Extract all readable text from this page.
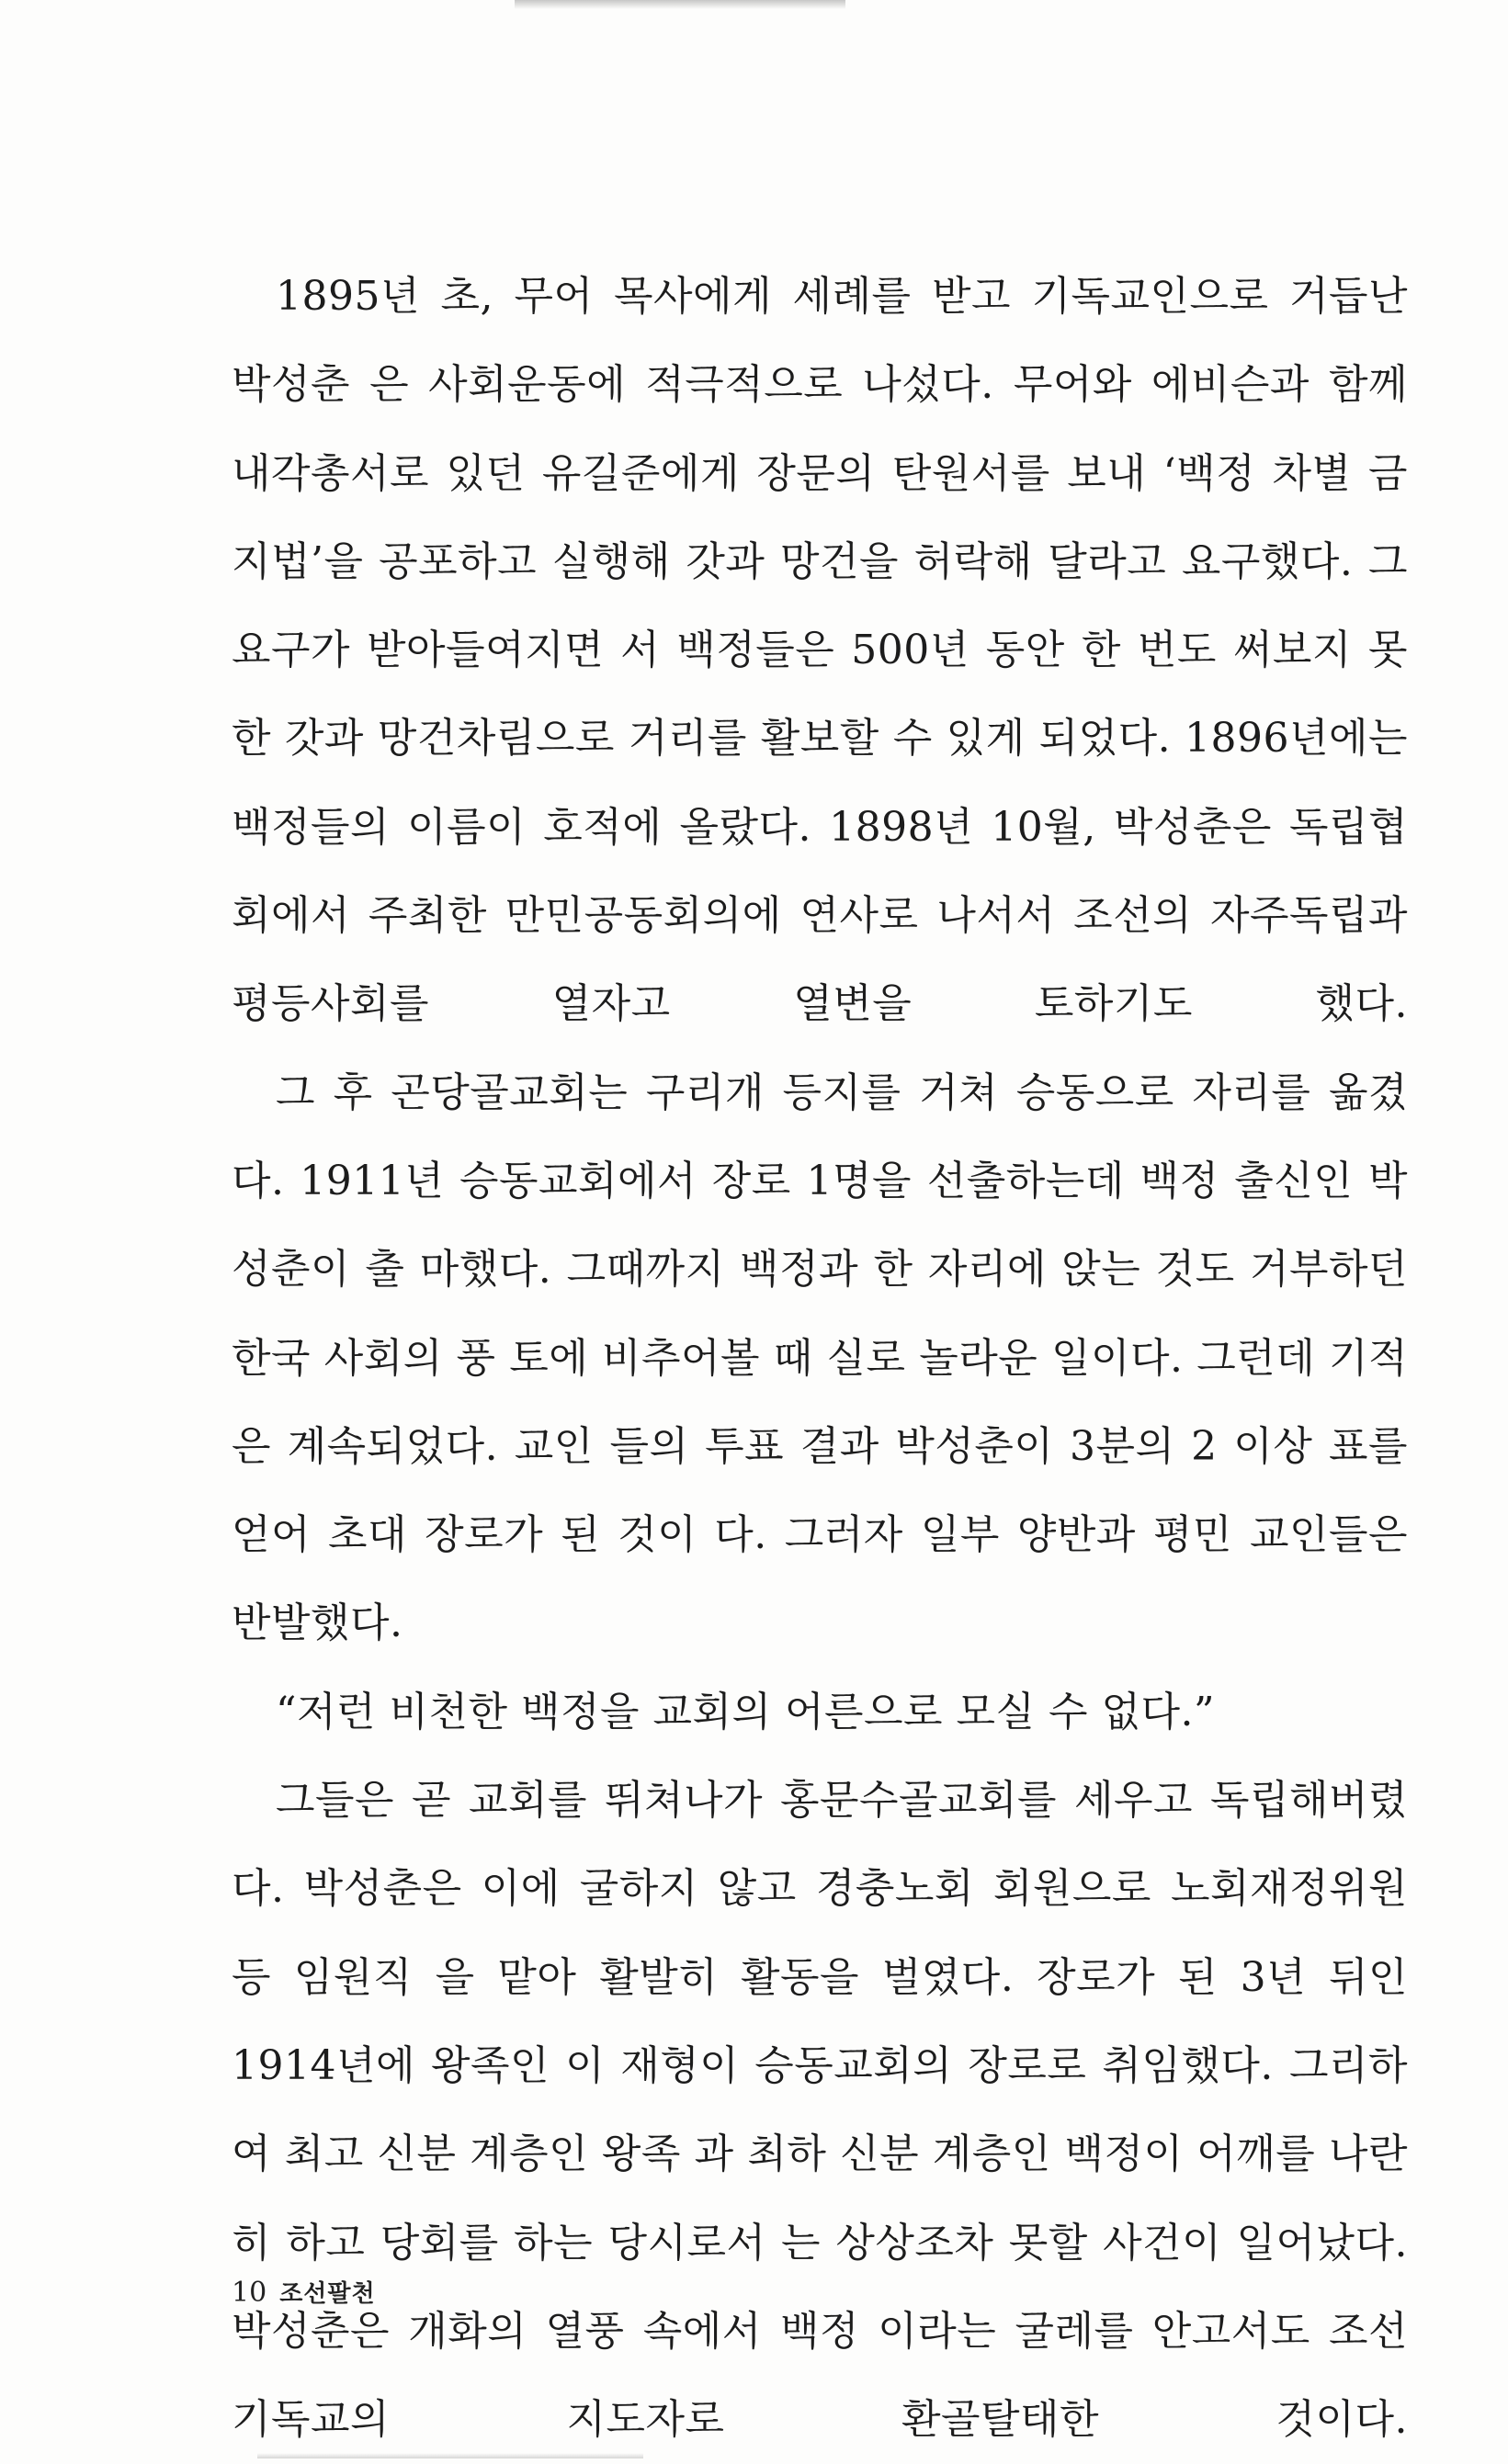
1895년 초, 무어 목사에게 세례를 받고 기독교인으로 거듭난 박성춘 은 사회운동에 적극적으로 나섰다. 무어와 에비슨과 함께 내각총서로 있던 유길준에게 장문의 탄원서를 보내 ‘백정 차별 금지법’을 공포하고 실행해 갓과 망건을 허락해 달라고 요구했다. 그 요구가 받아들여지면 서 백정들은 500년 동안 한 번도 써보지 못한 갓과 망건차림으로 거리를 활보할 수 있게 되었다. 1896년에는 백정들의 이름이 호적에 올랐다. 1898년 10월, 박성춘은 독립협회에서 주최한 만민공동회의에 연사로 나서서 조선의 자주독립과 평등사회를 열자고 열변을 토하기도 했다.

그 후 곤당골교회는 구리개 등지를 거쳐 승동으로 자리를 옮겼다. 1911년 승동교회에서 장로 1명을 선출하는데 백정 출신인 박성춘이 출 마했다. 그때까지 백정과 한 자리에 앉는 것도 거부하던 한국 사회의 풍 토에 비추어볼 때 실로 놀라운 일이다. 그런데 기적은 계속되었다. 교인 들의 투표 결과 박성춘이 3분의 2 이상 표를 얻어 초대 장로가 된 것이 다. 그러자 일부 양반과 평민 교인들은 반발했다.

“저런 비천한 백정을 교회의 어른으로 모실 수 없다.”

그들은 곧 교회를 뛰쳐나가 홍문수골교회를 세우고 독립해버렸다. 박성춘은 이에 굴하지 않고 경충노회 회원으로 노회재정위원 등 임원직 을 맡아 활발히 활동을 벌였다. 장로가 된 3년 뒤인 1914년에 왕족인 이 재형이 승동교회의 장로로 취임했다. 그리하여 최고 신분 계층인 왕족 과 최하 신분 계층인 백정이 어깨를 나란히 하고 당회를 하는 당시로서 는 상상조차 못할 사건이 일어났다. 박성춘은 개화의 열풍 속에서 백정 이라는 굴레를 안고서도 조선 기독교의 지도자로 환골탈태한 것이다.

10 조선팔천
